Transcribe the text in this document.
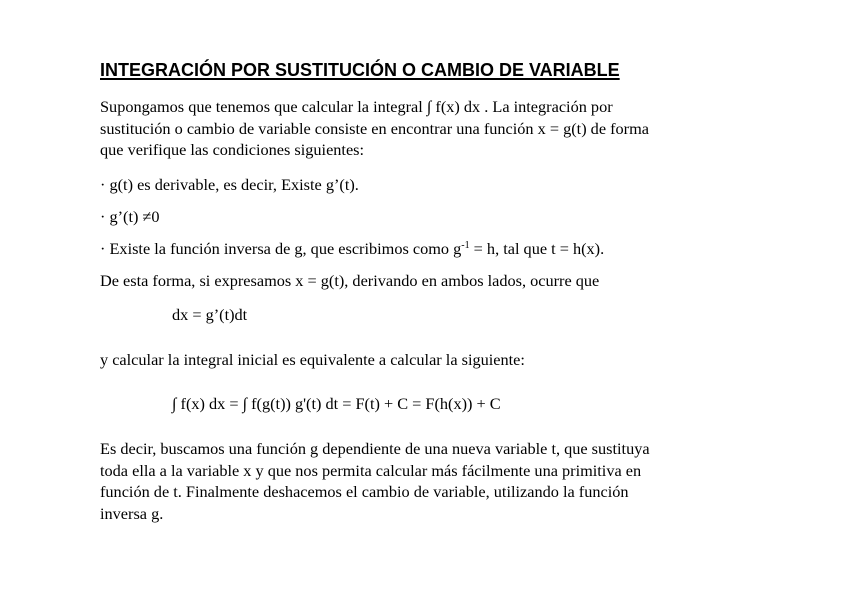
INTEGRACIÓN POR SUSTITUCIÓN O CAMBIO DE VARIABLE
Supongamos que tenemos que calcular la integral ∫ f(x) dx . La integración por
sustitución o cambio de variable consiste en encontrar una función x = g(t) de forma
que verifique las condiciones siguientes:
· g(t) es derivable, es decir, Existe g’(t).
· g’(t) ≠0
· Existe la función inversa de g, que escribimos como $g^{-1} = h$, tal que t = h(x).
De esta forma, si expresamos x = g(t), derivando en ambos lados, ocurre que
dx = g’(t)dt
y calcular la integral inicial es equivalente a calcular la siguiente:
∫ f(x) dx = ∫ f(g(t)) g'(t) dt = F(t) + C = F(h(x)) + C
Es decir, buscamos una función g dependiente de una nueva variable t, que sustituya
toda ella a la variable x y que nos permita calcular más fácilmente una primitiva en
función de t. Finalmente deshacemos el cambio de variable, utilizando la función
inversa g.
